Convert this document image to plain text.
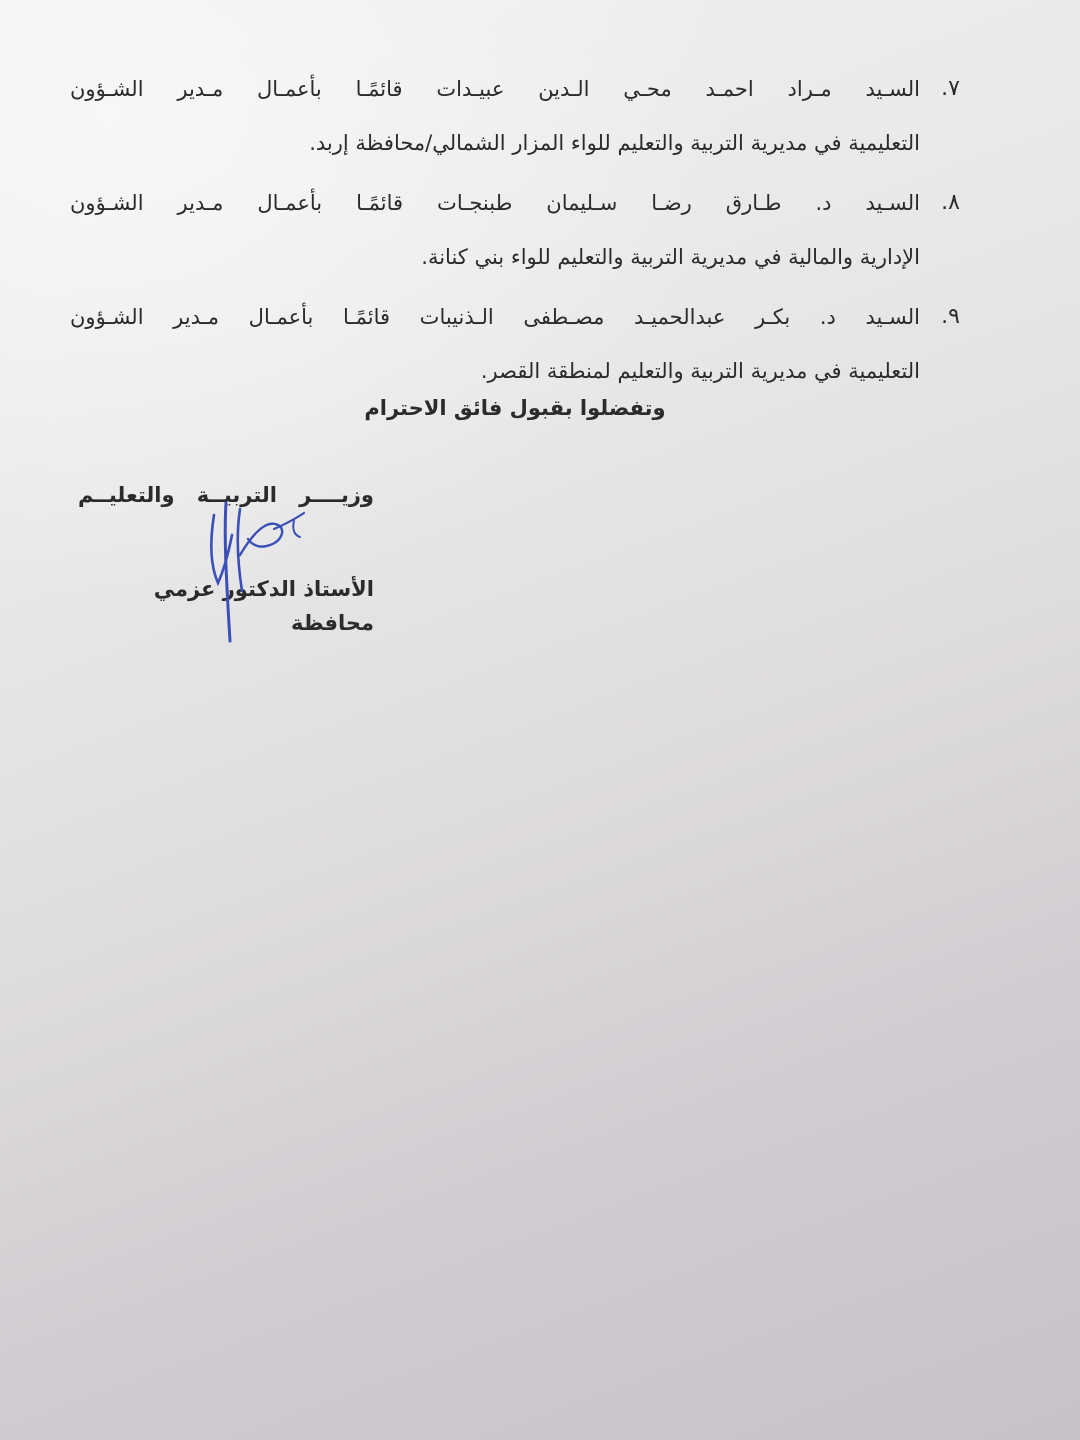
٧.
السـيد مـراد احمـد محـي الـدين عبيـدات قائمًـا بأعمـال مـدير الشـؤون
التعليمية في مديرية التربية والتعليم للواء المزار الشمالي/محافظة إربد.
٨.
السـيد د. طـارق رضـا سـليمان طبنجـات قائمًـا بأعمـال مـدير الشـؤون
الإدارية والمالية في مديرية التربية والتعليم للواء بني كنانة.
٩.
السـيد د. بكـر عبدالحميـد مصـطفى الـذنيبات قائمًـا بأعمـال مـدير الشـؤون
التعليمية في مديرية التربية والتعليم لمنطقة القصر.
وتفضلوا بقبول فائق الاحترام
وزيــــر التربيــة والتعليــم
الأستاذ الدكتور عزمي محافظة
